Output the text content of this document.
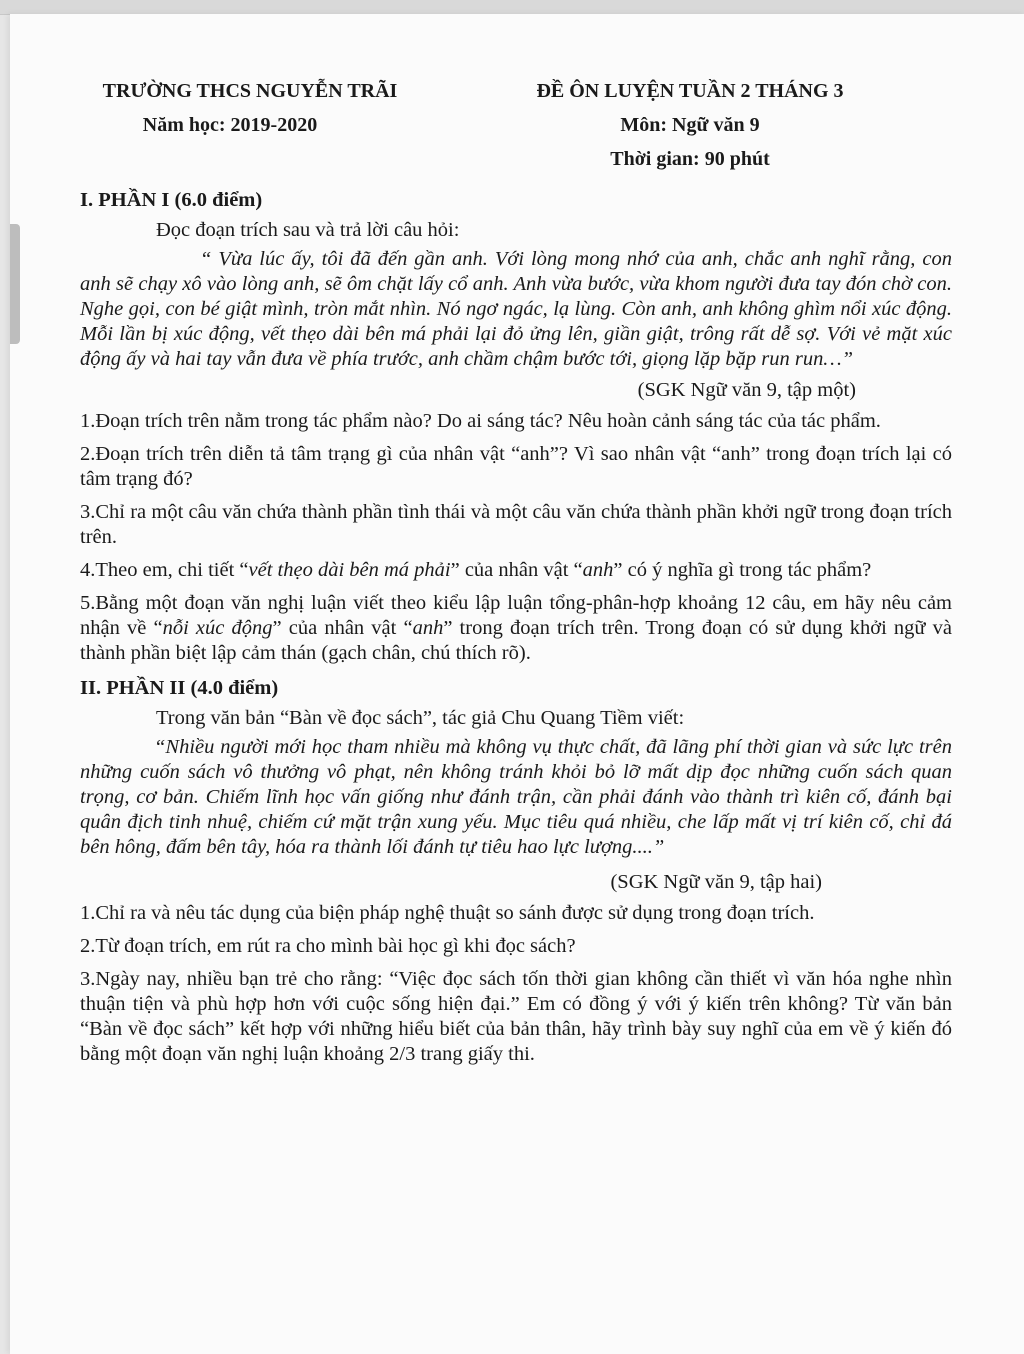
TRƯỜNG THCS NGUYỄN TRÃI
Năm học: 2019-2020
ĐỀ ÔN LUYỆN TUẦN 2 THÁNG 3
Môn: Ngữ văn 9
Thời gian: 90 phút
I. PHẦN I (6.0 điểm)
Đọc đoạn trích sau và trả lời câu hỏi:
“ Vừa lúc ấy, tôi đã đến gần anh. Với lòng mong nhớ của anh, chắc anh nghĩ rằng, con anh sẽ chạy xô vào lòng anh, sẽ ôm chặt lấy cổ anh. Anh vừa bước, vừa khom người đưa tay đón chờ con. Nghe gọi, con bé giật mình, tròn mắt nhìn. Nó ngơ ngác, lạ lùng. Còn anh, anh không ghìm nổi xúc động. Mỗi lần bị xúc động, vết thẹo dài bên má phải lại đỏ ửng lên, giần giật, trông rất dễ sợ. Với vẻ mặt xúc động ấy và hai tay vẫn đưa về phía trước, anh chầm chậm bước tới, giọng lặp bặp run run…”
(SGK Ngữ văn 9, tập một)
1.Đoạn trích trên nằm trong tác phẩm nào? Do ai sáng tác? Nêu hoàn cảnh sáng tác của tác phẩm.
2.Đoạn trích trên diễn tả tâm trạng gì của nhân vật “anh”? Vì sao nhân vật “anh” trong đoạn trích lại có tâm trạng đó?
3.Chỉ ra một câu văn chứa thành phần tình thái và một câu văn chứa thành phần khởi ngữ trong đoạn trích trên.
4.Theo em, chi tiết “vết thẹo dài bên má phải” của nhân vật “anh” có ý nghĩa gì trong tác phẩm?
5.Bằng một đoạn văn nghị luận viết theo kiểu lập luận tổng-phân-hợp khoảng 12 câu, em hãy nêu cảm nhận về “nỗi xúc động” của nhân vật “anh” trong đoạn trích trên. Trong đoạn có sử dụng khởi ngữ và thành phần biệt lập cảm thán (gạch chân, chú thích rõ).
II. PHẦN II (4.0 điểm)
Trong văn bản “Bàn về đọc sách”, tác giả Chu Quang Tiềm viết:
“Nhiều người mới học tham nhiều mà không vụ thực chất, đã lãng phí thời gian và sức lực trên những cuốn sách vô thưởng vô phạt, nên không tránh khỏi bỏ lỡ mất dịp đọc những cuốn sách quan trọng, cơ bản. Chiếm lĩnh học vấn giống như đánh trận, cần phải đánh vào thành trì kiên cố, đánh bại quân địch tinh nhuệ, chiếm cứ mặt trận xung yếu. Mục tiêu quá nhiều, che lấp mất vị trí kiên cố, chỉ đá bên hông, đấm bên tây, hóa ra thành lối đánh tự tiêu hao lực lượng....”
(SGK Ngữ văn 9, tập hai)
1.Chỉ ra và nêu tác dụng của biện pháp nghệ thuật so sánh được sử dụng trong đoạn trích.
2.Từ đoạn trích, em rút ra cho mình bài học gì khi đọc sách?
3.Ngày nay, nhiều bạn trẻ cho rằng: “Việc đọc sách tốn thời gian không cần thiết vì văn hóa nghe nhìn thuận tiện và phù hợp hơn với cuộc sống hiện đại.” Em có đồng ý với ý kiến trên không? Từ văn bản “Bàn về đọc sách” kết hợp với những hiểu biết của bản thân, hãy trình bày suy nghĩ của em về ý kiến đó bằng một đoạn văn nghị luận khoảng 2/3 trang giấy thi.
